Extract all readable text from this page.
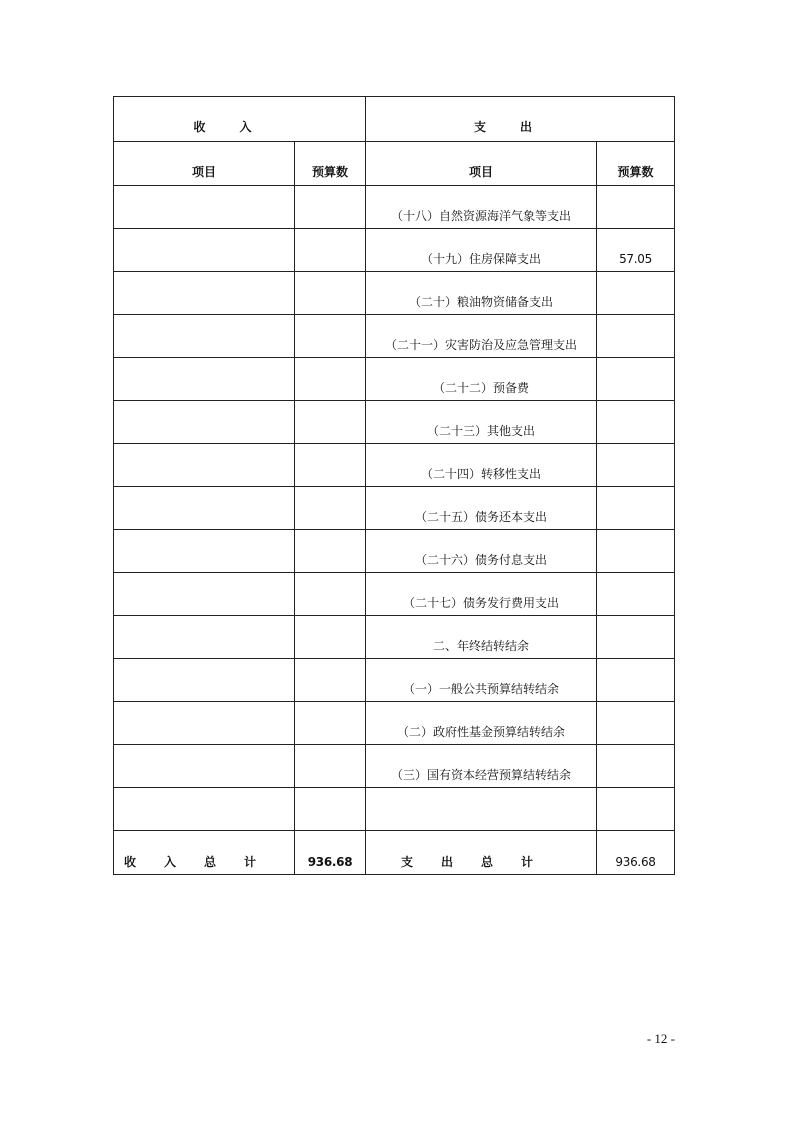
收入		支出	
项目	预算数	项目	预算数
		（十八）自然资源海洋气象等支出	
		（十九）住房保障支出	57.05
		（二十）粮油物资储备支出	
		（二十一）灾害防治及应急管理支出	
		（二十二）预备费	
		（二十三）其他支出	
		（二十四）转移性支出	
		（二十五）债务还本支出	
		（二十六）债务付息支出	
		（二十七）债务发行费用支出	
		二、年终结转结余	
		（一）一般公共预算结转结余	
		（二）政府性基金预算结转结余	
		（三）国有资本经营预算结转结余	

收入总计	936.68	支出总计	936.68
- 12 -
